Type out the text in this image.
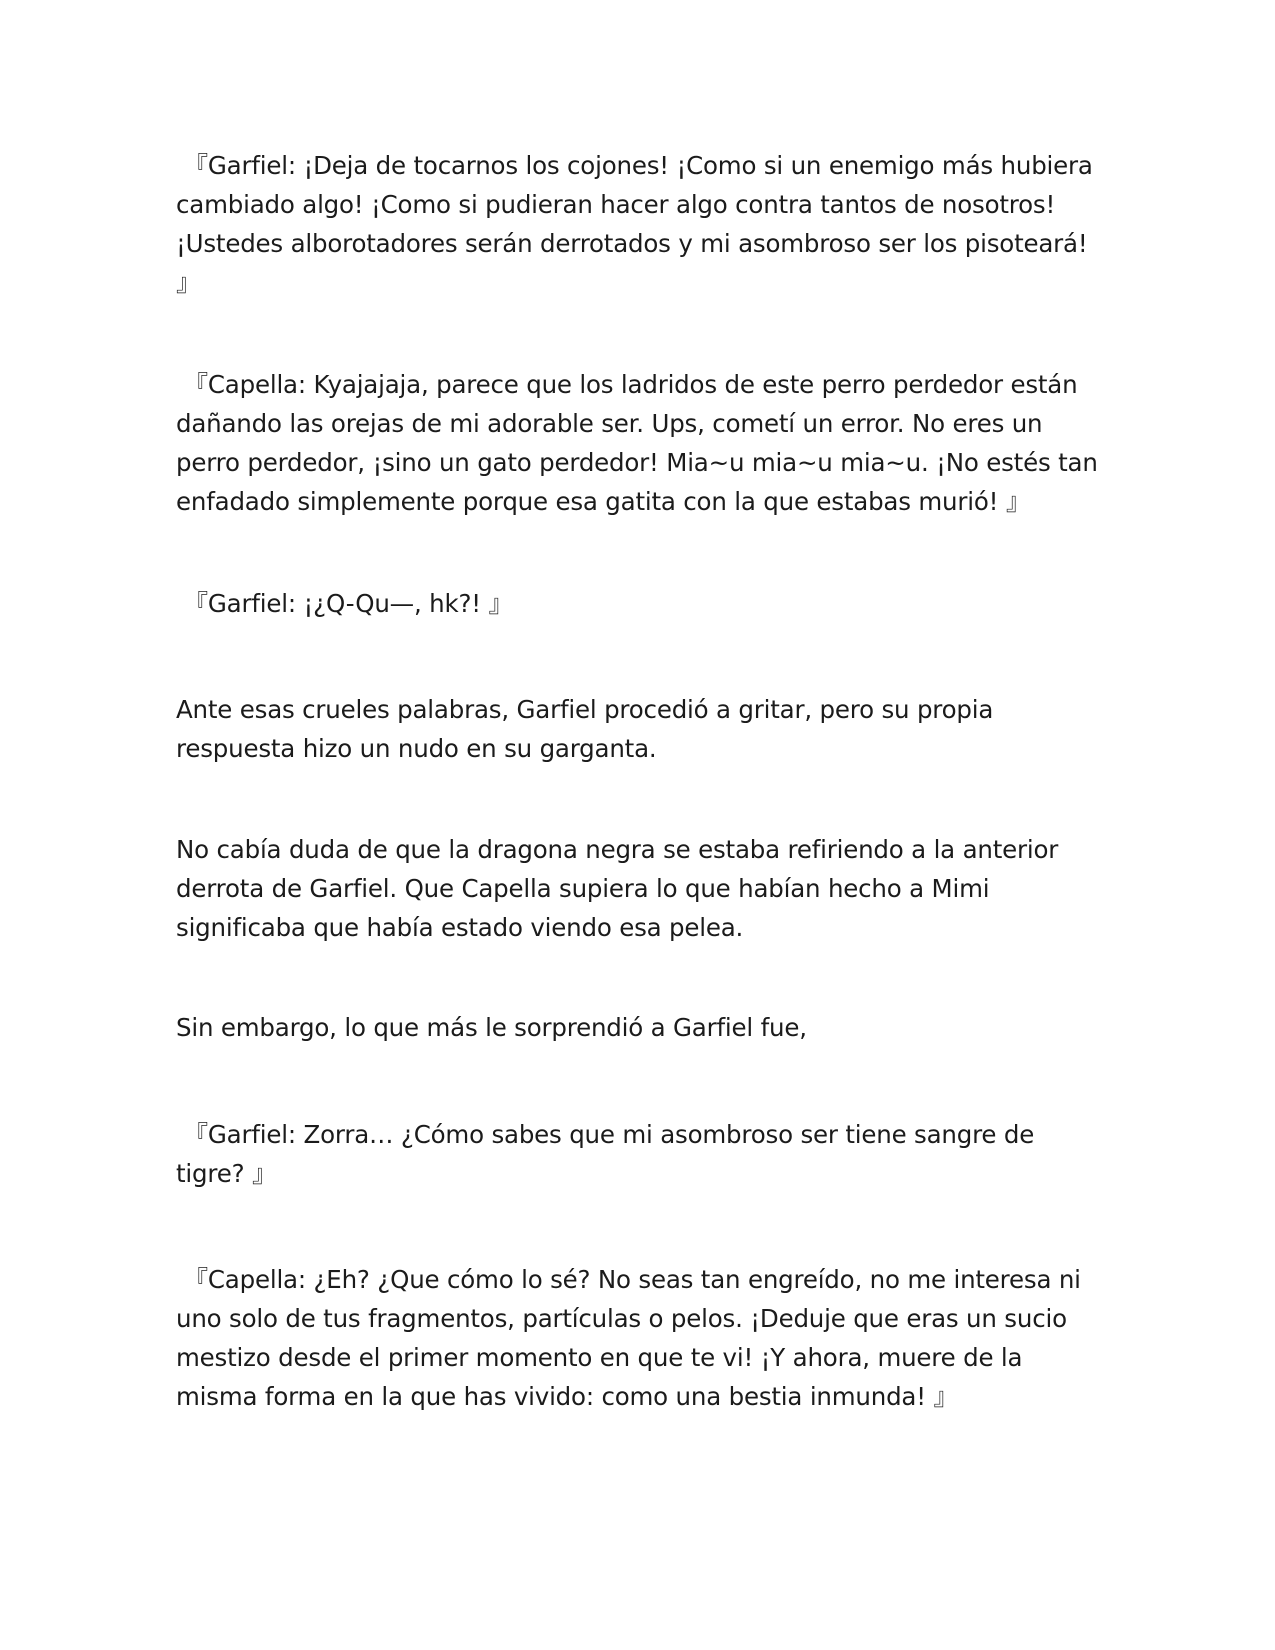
『Garfiel: ¡Deja de tocarnos los cojones! ¡Como si un enemigo más hubiera cambiado algo! ¡Como si pudieran hacer algo contra tantos de nosotros! ¡Ustedes alborotadores serán derrotados y mi asombroso ser los pisoteará! 』

『Capella: Kyajajaja, parece que los ladridos de este perro perdedor están dañando las orejas de mi adorable ser. Ups, cometí un error. No eres un perro perdedor, ¡sino un gato perdedor! Mia~u mia~u mia~u. ¡No estés tan enfadado simplemente porque esa gatita con la que estabas murió! 』

『Garfiel: ¡¿Q-Qu—, hk?! 』

Ante esas crueles palabras, Garfiel procedió a gritar, pero su propia respuesta hizo un nudo en su garganta.

No cabía duda de que la dragona negra se estaba refiriendo a la anterior derrota de Garfiel. Que Capella supiera lo que habían hecho a Mimi significaba que había estado viendo esa pelea.

Sin embargo, lo que más le sorprendió a Garfiel fue,

『Garfiel: Zorra… ¿Cómo sabes que mi asombroso ser tiene sangre de tigre? 』

『Capella: ¿Eh? ¿Que cómo lo sé? No seas tan engreído, no me interesa ni uno solo de tus fragmentos, partículas o pelos. ¡Deduje que eras un sucio mestizo desde el primer momento en que te vi! ¡Y ahora, muere de la misma forma en la que has vivido: como una bestia inmunda! 』
